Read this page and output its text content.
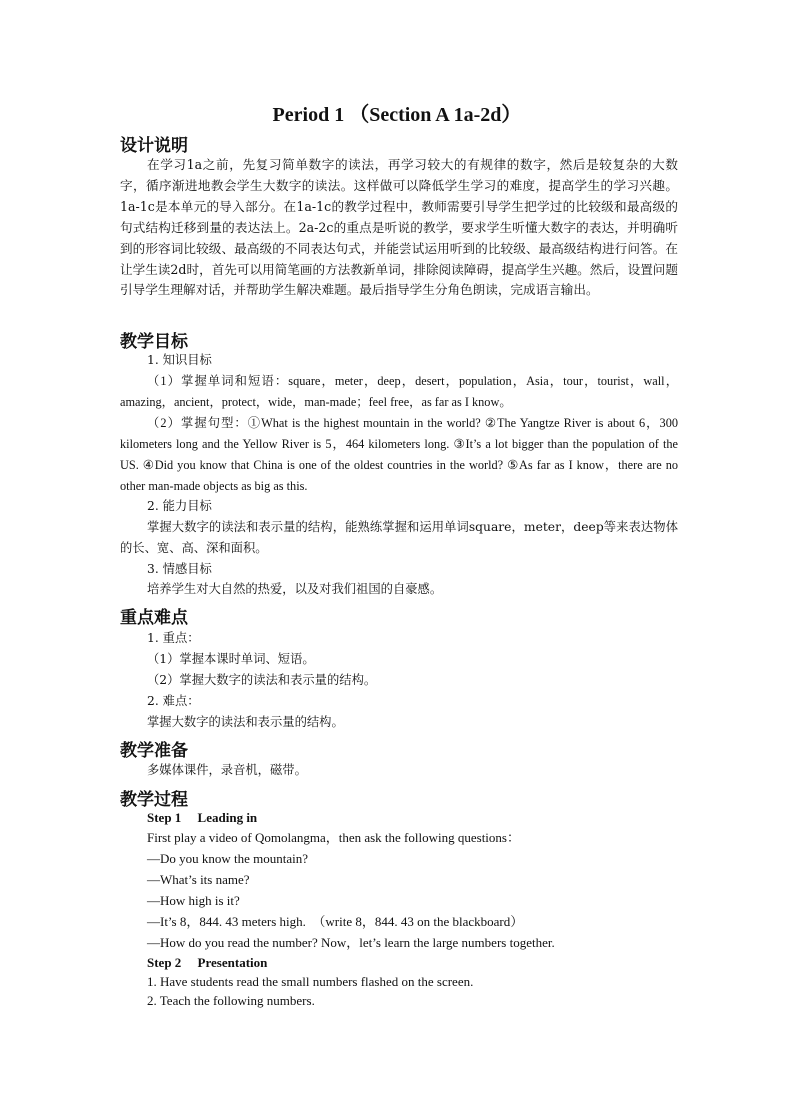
Period 1 （Section A 1a-2d）
设计说明
在学习1a之前，先复习简单数字的读法，再学习较大的有规律的数字，然后是较复杂的大数字，循序渐进地教会学生大数字的读法。这样做可以降低学生学习的难度，提高学生的学习兴趣。1a-1c是本单元的导入部分。在1a-1c的教学过程中，教师需要引导学生把学过的比较级和最高级的句式结构迁移到量的表达法上。2a-2c的重点是听说的教学，要求学生听懂大数字的表达，并明确听到的形容词比较级、最高级的不同表达句式，并能尝试运用听到的比较级、最高级结构进行问答。在让学生读2d时，首先可以用简笔画的方法教新单词，排除阅读障碍，提高学生兴趣。然后，设置问题引导学生理解对话，并帮助学生解决难题。最后指导学生分角色朗读，完成语言输出。
教学目标
1. 知识目标
（1）掌握单词和短语：square，meter，deep，desert，population，Asia，tour，tourist，wall，amazing，ancient，protect，wide，man-made；feel free，as far as I know。
（2）掌握句型：①What is the highest mountain in the world? ②The Yangtze River is about 6，300 kilometers long and the Yellow River is 5，464 kilometers long. ③It’s a lot bigger than the population of the US. ④Did you know that China is one of the oldest countries in the world? ⑤As far as I know，there are no other man-made objects as big as this.
2. 能力目标
掌握大数字的读法和表示量的结构，能熟练掌握和运用单词square，meter，deep等来表达物体的长、宽、高、深和面积。
3. 情感目标
培养学生对大自然的热爱，以及对我们祖国的自豪感。
重点难点
1. 重点：
（1）掌握本课时单词、短语。
（2）掌握大数字的读法和表示量的结构。
2. 难点：
掌握大数字的读法和表示量的结构。
教学准备
多媒体课件，录音机，磁带。
教学过程
Step 1　 Leading in
First play a video of Qomolangma，then ask the following questions：
—Do you know the mountain?
—What’s its name?
—How high is it?
—It’s 8，844. 43 meters high.　（write 8，844. 43 on the blackboard）
—How do you read the number? Now，let’s learn the large numbers together.
Step 2　 Presentation
1. Have students read the small numbers flashed on the screen.
2. Teach the following numbers.
